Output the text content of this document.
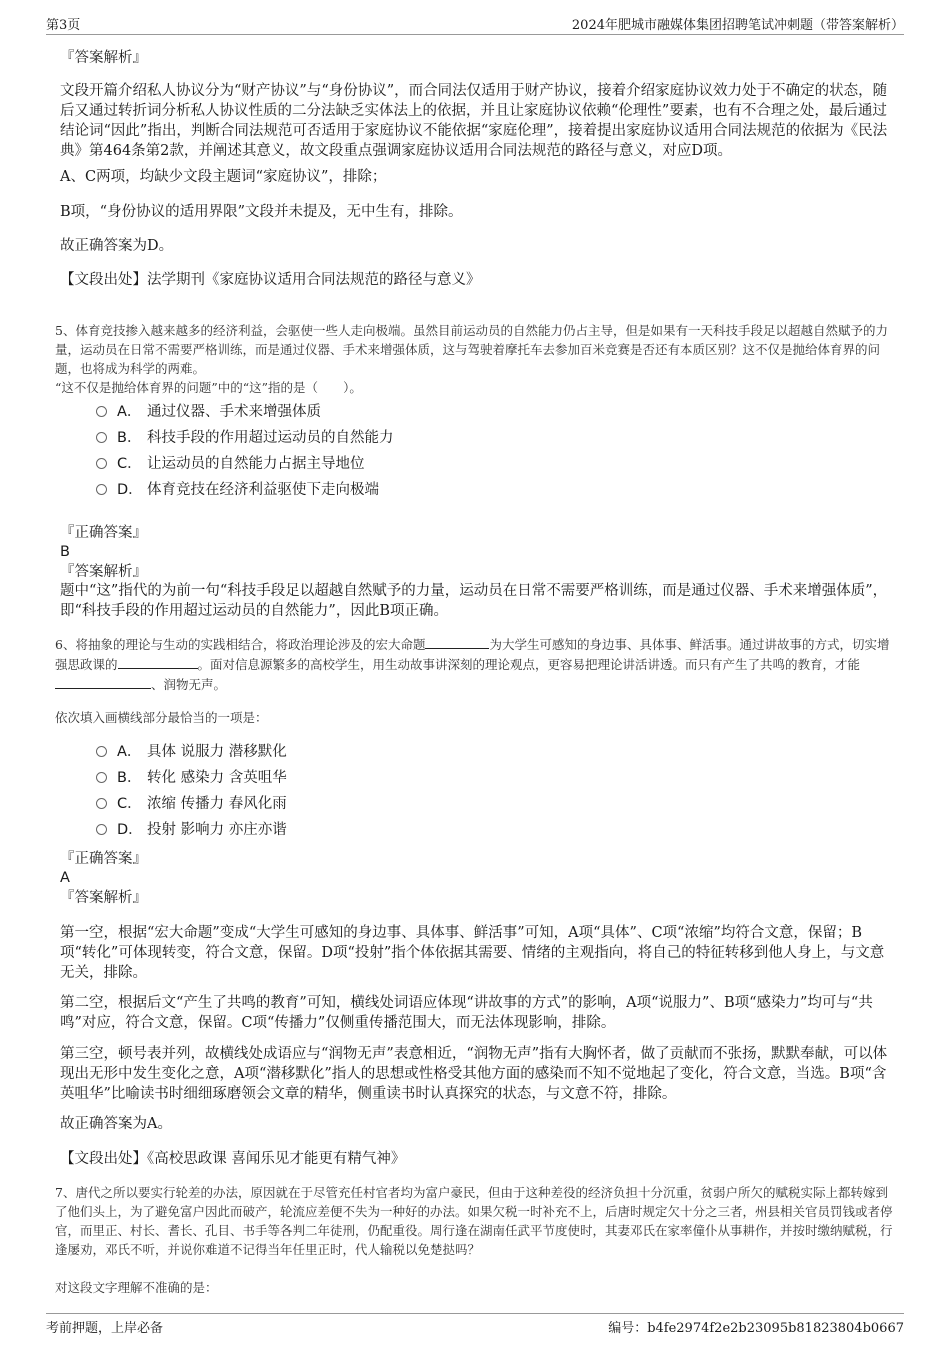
第3页	2024年肥城市融媒体集团招聘笔试冲刺题（带答案解析）

『答案解析』

文段开篇介绍私人协议分为“财产协议”与“身份协议”，而合同法仅适用于财产协议，接着介绍家庭协议效力处于不确定的状态，随后又通过转折词分析私人协议性质的二分法缺乏实体法上的依据，并且让家庭协议依赖“伦理性”要素，也有不合理之处，最后通过结论词“因此”指出，判断合同法规范可否适用于家庭协议不能依据“家庭伦理”，接着提出家庭协议适用合同法规范的依据为《民法典》第464条第2款，并阐述其意义，故文段重点强调家庭协议适用合同法规范的路径与意义，对应D项。

A、C两项，均缺少文段主题词“家庭协议”，排除；

B项，“身份协议的适用界限”文段并未提及，无中生有，排除。

故正确答案为D。

【文段出处】法学期刊《家庭协议适用合同法规范的路径与意义》

5、体育竞技掺入越来越多的经济利益，会驱使一些人走向极端。虽然目前运动员的自然能力仍占主导，但是如果有一天科技手段足以超越自然赋予的力量，运动员在日常不需要严格训练，而是通过仪器、手术来增强体质，这与驾驶着摩托车去参加百米竞赛是否还有本质区别？这不仅是抛给体育界的问题，也将成为科学的两难。

“这不仅是抛给体育界的问题”中的“这”指的是（　　）。

A． 通过仪器、手术来增强体质
B． 科技手段的作用超过运动员的自然能力
C． 让运动员的自然能力占据主导地位
D． 体育竞技在经济利益驱使下走向极端

『正确答案』

B

『答案解析』

题中“这”指代的为前一句“科技手段足以超越自然赋予的力量，运动员在日常不需要严格训练，而是通过仪器、手术来增强体质”，即“科技手段的作用超过运动员的自然能力”，因此B项正确。

6、将抽象的理论与生动的实践相结合，将政治理论涉及的宏大命题	为大学生可感知的身边事、具体事、鲜活事。通过讲故事的方式，切实增强思政课的	。面对信息源繁多的高校学生，用生动故事讲深刻的理论观点，更容易把理论讲活讲透。而只有产生了共鸣的教育，才能、润物无声。

依次填入画横线部分最恰当的一项是：

A． 具体 说服力 潜移默化
B． 转化 感染力 含英咀华
C． 浓缩 传播力 春风化雨
D． 投射 影响力 亦庄亦谐

『正确答案』

A

『答案解析』

第一空，根据“宏大命题”变成“大学生可感知的身边事、具体事、鲜活事”可知，A项“具体”、C项“浓缩”均符合文意，保留；B项“转化”可体现转变，符合文意，保留。D项“投射”指个体依据其需要、情绪的主观指向，将自己的特征转移到他人身上，与文意无关，排除。

第二空，根据后文“产生了共鸣的教育”可知，横线处词语应体现“讲故事的方式”的影响，A项“说服力”、B项“感染力”均可与“共鸣”对应，符合文意，保留。C项“传播力”仅侧重传播范围大，而无法体现影响，排除。

第三空，顿号表并列，故横线处成语应与“润物无声”表意相近，“润物无声”指有大胸怀者，做了贡献而不张扬，默默奉献，可以体现出无形中发生变化之意，A项“潜移默化”指人的思想或性格受其他方面的感染而不知不觉地起了变化，符合文意，当选。B项“含英咀华”比喻读书时细细琢磨领会文章的精华，侧重读书时认真探究的状态，与文意不符，排除。

故正确答案为A。

【文段出处】《高校思政课 喜闻乐见才能更有精气神》

7、唐代之所以要实行轮差的办法，原因就在于尽管充任村官者均为富户豪民，但由于这种差役的经济负担十分沉重，贫弱户所欠的赋税实际上都转嫁到了他们头上，为了避免富户因此而破产，轮流应差便不失为一种好的办法。如果欠税一时补充不上，后唐时规定欠十分之三者，州县相关官员罚钱或者停官，而里正、村长、耆长、孔目、书手等各判二年徒刑，仍配重役。周行逢在湖南任武平节度使时，其妻邓氏在家率僮仆从事耕作，并按时缴纳赋税，行逢屡劝，邓氏不听，并说你难道不记得当年任里正时，代人输税以免楚挞吗？

对这段文字理解不准确的是：

考前押题，上岸必备	编号：b4fe2974f2e2b23095b81823804b0667
